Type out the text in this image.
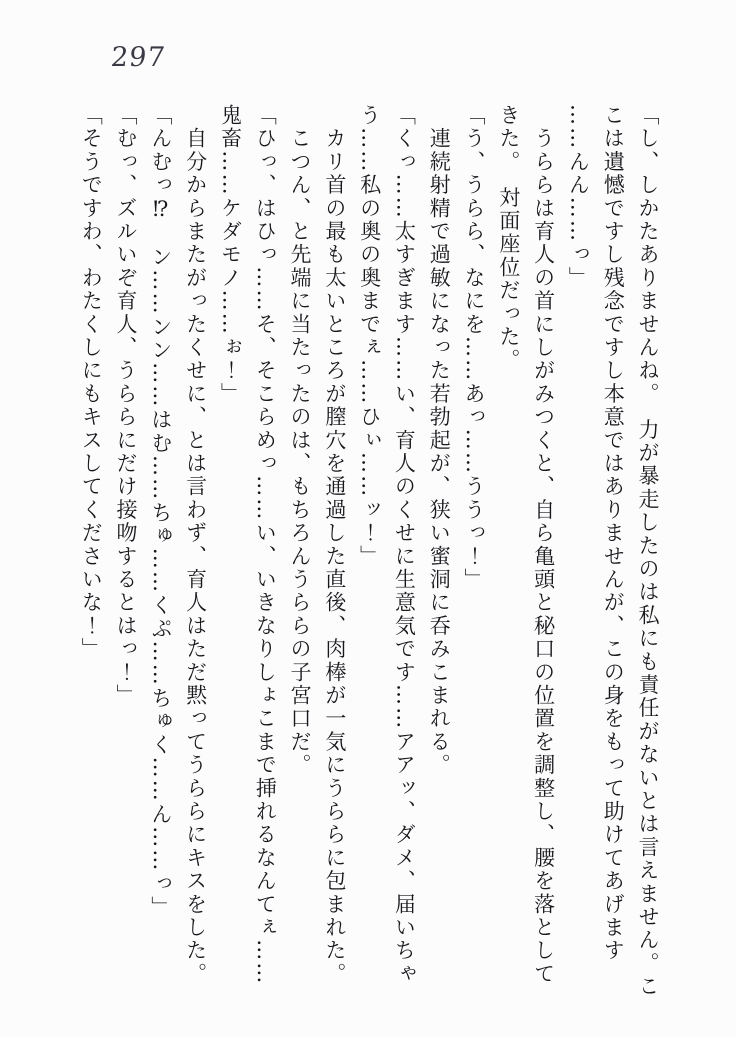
297
「し、しかたありませんね。　力が暴走したのは私にも責任がないとは言えません。こ
こは遺憾ですし残念ですし本意ではありませんが、この身をもって助けてあげます
……んん……っ」
　うららは育人の首にしがみつくと、自ら亀頭と秘口の位置を調整し、腰を落として
きた。　対面座位だった。
「う、うらら、なにを……あっ……ううっ！」
　連続射精で過敏になった若勃起が、狭い蜜洞に呑みこまれる。
「くっ……太すぎます……い、育人のくせに生意気です……アアッ、ダメ、届いちゃ
う……私の奥の奥までぇ……ひぃ……ッ！」
　カリ首の最も太いところが膣穴を通過した直後、肉棒が一気にうららに包まれた。
　こつん、と先端に当たったのは、もちろんうららの子宮口だ。
「ひっ、はひっ……そ、そこらめっ……い、いきなりしょこまで挿れるなんてぇ……
鬼畜……ケダモノ……ぉ！」
　自分からまたがったくせに、とは言わず、育人はただ黙ってうららにキスをした。
「んむっ⁉　ン……ンン……はむ……ちゅ……くぷ……ちゅく……ん……っ」
「むっ、ズルいぞ育人、うららにだけ接吻するとはっ！」
「そうですわ、わたくしにもキスしてくださいな！」
